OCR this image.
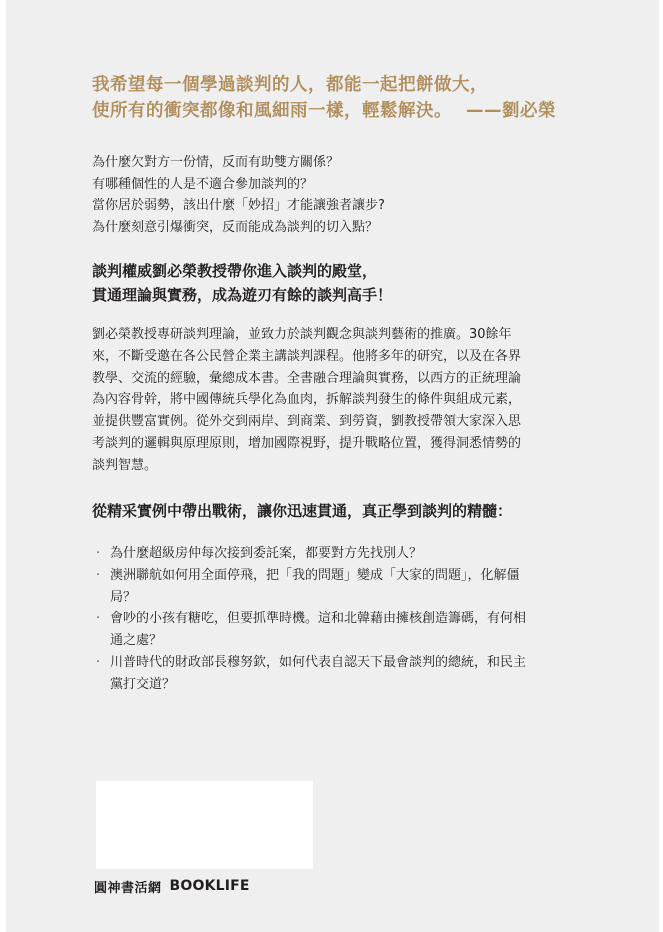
我希望每一個學過談判的人，都能一起把餅做大，
使所有的衝突都像和風細雨一樣，輕鬆解決。 ——劉必榮
為什麼欠對方一份情，反而有助雙方關係？
有哪種個性的人是不適合參加談判的？
當你居於弱勢，該出什麼「妙招」才能讓強者讓步?
為什麼刻意引爆衝突，反而能成為談判的切入點？
談判權威劉必榮教授帶你進入談判的殿堂，
貫通理論與實務，成為遊刃有餘的談判高手！
劉必榮教授專研談判理論，並致力於談判觀念與談判藝術的推廣。30餘年
來，不斷受邀在各公民營企業主講談判課程。他將多年的研究，以及在各界
教學、交流的經驗，彙總成本書。全書融合理論與實務，以西方的正統理論
為內容骨幹，將中國傳統兵學化為血肉，拆解談判發生的條件與組成元素，
並提供豐富實例。從外交到兩岸、到商業、到勞資，劉教授帶領大家深入思
考談判的邏輯與原理原則，增加國際視野，提升戰略位置，獲得洞悉情勢的
談判智慧。
從精采實例中帶出戰術，讓你迅速貫通，真正學到談判的精髓：
· 為什麼超級房仲每次接到委託案，都要對方先找別人？
· 澳洲聯航如何用全面停飛，把「我的問題」變成「大家的問題」，化解僵
局？
· 會吵的小孩有糖吃，但要抓準時機。這和北韓藉由擁核創造籌碼，有何相
通之處？
· 川普時代的財政部長穆努欽，如何代表自認天下最會談判的總統，和民主
黨打交道？
圓神書活網 BOOKLIFE
